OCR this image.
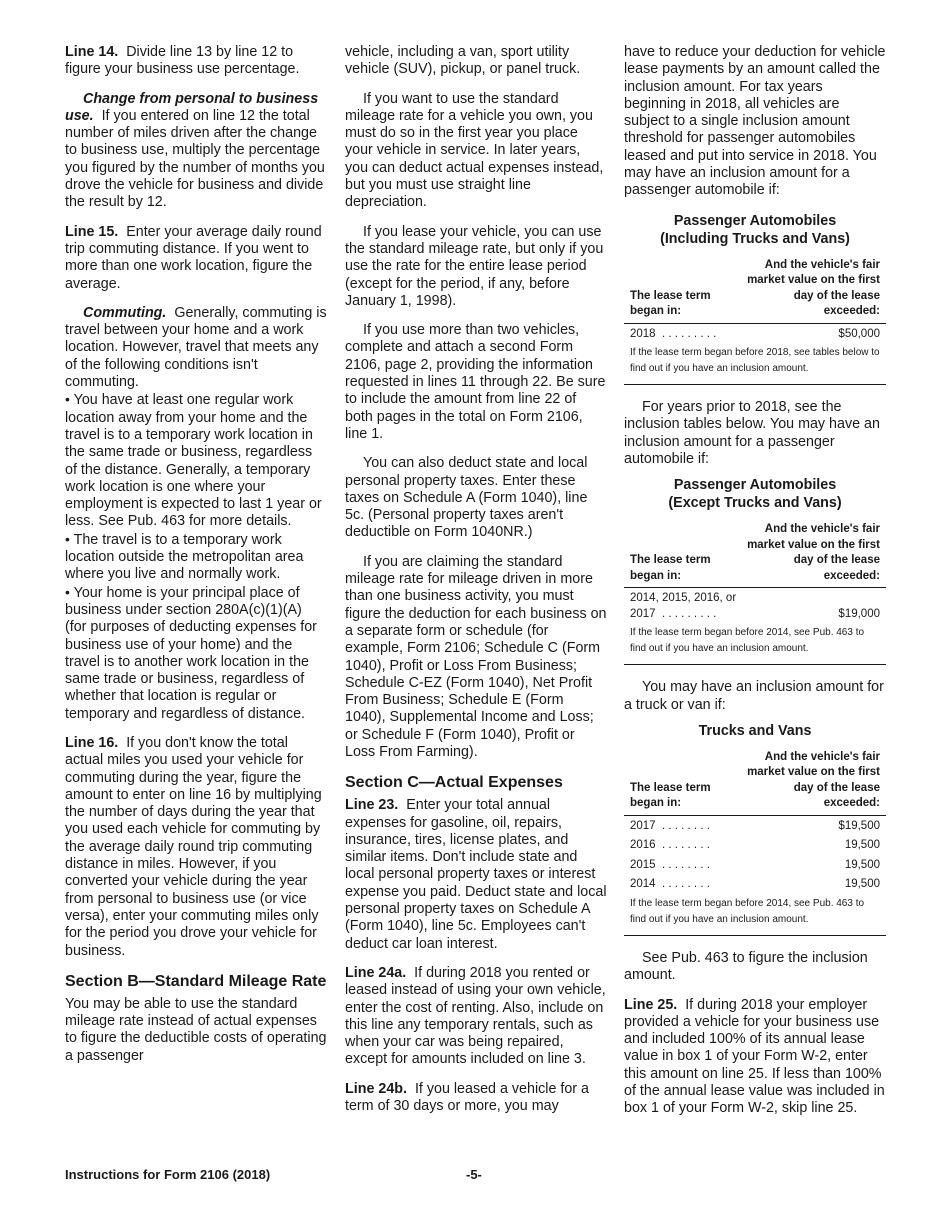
Line 14. Divide line 13 by line 12 to figure your business use percentage.

Change from personal to business use. If you entered on line 12 the total number of miles driven after the change to business use, multiply the percentage you figured by the number of months you drove the vehicle for business and divide the result by 12.

Line 15. Enter your average daily round trip commuting distance. If you went to more than one work location, figure the average.

Commuting. Generally, commuting is travel between your home and a work location. However, travel that meets any of the following conditions isn't commuting.

• You have at least one regular work location away from your home and the travel is to a temporary work location in the same trade or business, regardless of the distance. Generally, a temporary work location is one where your employment is expected to last 1 year or less. See Pub. 463 for more details.

• The travel is to a temporary work location outside the metropolitan area where you live and normally work.

• Your home is your principal place of business under section 280A(c)(1)(A) (for purposes of deducting expenses for business use of your home) and the travel is to another work location in the same trade or business, regardless of whether that location is regular or temporary and regardless of distance.

Line 16. If you don't know the total actual miles you used your vehicle for commuting during the year, figure the amount to enter on line 16 by multiplying the number of days during the year that you used each vehicle for commuting by the average daily round trip commuting distance in miles. However, if you converted your vehicle during the year from personal to business use (or vice versa), enter your commuting miles only for the period you drove your vehicle for business.

Section B—Standard Mileage Rate

You may be able to use the standard mileage rate instead of actual expenses to figure the deductible costs of operating a passenger

vehicle, including a van, sport utility vehicle (SUV), pickup, or panel truck.

If you want to use the standard mileage rate for a vehicle you own, you must do so in the first year you place your vehicle in service. In later years, you can deduct actual expenses instead, but you must use straight line depreciation.

If you lease your vehicle, you can use the standard mileage rate, but only if you use the rate for the entire lease period (except for the period, if any, before January 1, 1998).

If you use more than two vehicles, complete and attach a second Form 2106, page 2, providing the information requested in lines 11 through 22. Be sure to include the amount from line 22 of both pages in the total on Form 2106, line 1.

You can also deduct state and local personal property taxes. Enter these taxes on Schedule A (Form 1040), line 5c. (Personal property taxes aren't deductible on Form 1040NR.)

If you are claiming the standard mileage rate for mileage driven in more than one business activity, you must figure the deduction for each business on a separate form or schedule (for example, Form 2106; Schedule C (Form 1040), Profit or Loss From Business; Schedule C-EZ (Form 1040), Net Profit From Business; Schedule E (Form 1040), Supplemental Income and Loss; or Schedule F (Form 1040), Profit or Loss From Farming).

Section C—Actual Expenses

Line 23. Enter your total annual expenses for gasoline, oil, repairs, insurance, tires, license plates, and similar items. Don't include state and local personal property taxes or interest expense you paid. Deduct state and local personal property taxes on Schedule A (Form 1040), line 5c. Employees can't deduct car loan interest.

Line 24a. If during 2018 you rented or leased instead of using your own vehicle, enter the cost of renting. Also, include on this line any temporary rentals, such as when your car was being repaired, except for amounts included on line 3.

Line 24b. If you leased a vehicle for a term of 30 days or more, you may

have to reduce your deduction for vehicle lease payments by an amount called the inclusion amount. For tax years beginning in 2018, all vehicles are subject to a single inclusion amount threshold for passenger automobiles leased and put into service in 2018. You may have an inclusion amount for a passenger automobile if:

Passenger Automobiles
(Including Trucks and Vans)
The lease term began in:
And the vehicle's fair market value on the first day of the lease exceeded:
2018  . . . . . . . . .	$50,000
If the lease term began before 2018, see tables below to find out if you have an inclusion amount.

For years prior to 2018, see the inclusion tables below. You may have an inclusion amount for a passenger automobile if:

Passenger Automobiles
(Except Trucks and Vans)
The lease term began in:
And the vehicle's fair market value on the first day of the lease exceeded:
2014, 2015, 2016, or
2017  . . . . . . . . .	$19,000
If the lease term began before 2014, see Pub. 463 to find out if you have an inclusion amount.

You may have an inclusion amount for a truck or van if:

Trucks and Vans
The lease term began in:
And the vehicle's fair market value on the first day of the lease exceeded:
2017  . . . . . . . .	$19,500
2016  . . . . . . . .	19,500
2015  . . . . . . . .	19,500
2014  . . . . . . . .	19,500
If the lease term began before 2014, see Pub. 463 to find out if you have an inclusion amount.

See Pub. 463 to figure the inclusion amount.

Line 25. If during 2018 your employer provided a vehicle for your business use and included 100% of its annual lease value in box 1 of your Form W-2, enter this amount on line 25. If less than 100% of the annual lease value was included in box 1 of your Form W-2, skip line 25.

Instructions for Form 2106 (2018)	-5-
